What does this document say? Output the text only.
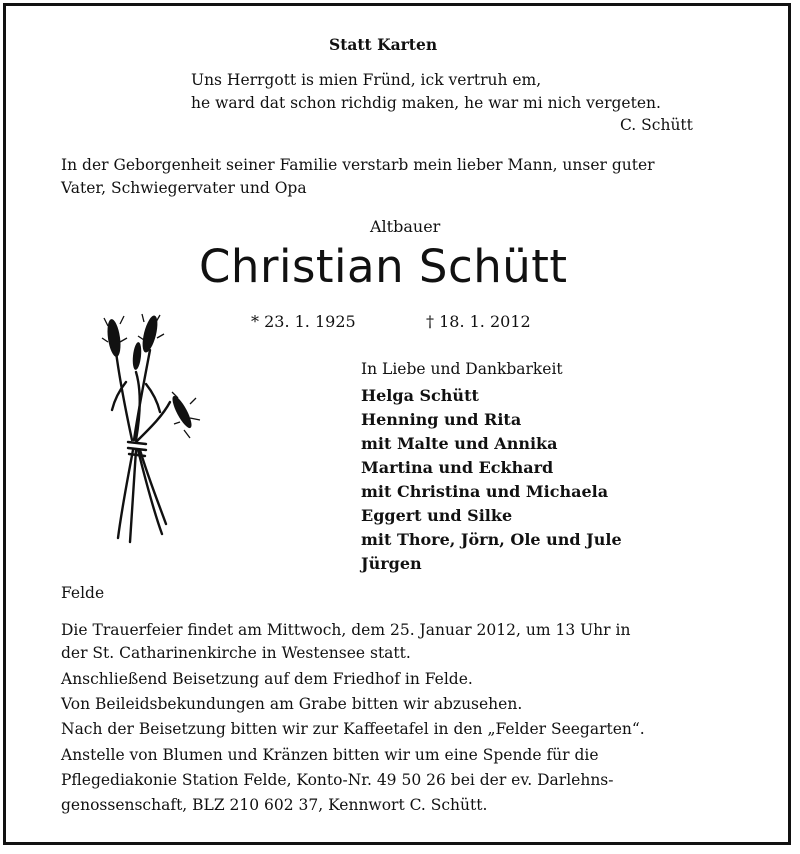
Statt Karten
Uns Herrgott is mien Fründ, ick vertruh em,
he ward dat schon richdig maken, he war mi nich vergeten.
C. Schütt
In der Geborgenheit seiner Familie verstarb mein lieber Mann, unser guter
Vater, Schwiegervater und Opa
Altbauer
Christian Schütt
* 23. 1. 1925	† 18. 1. 2012
In Liebe und Dankbarkeit
Helga Schütt
Henning und Rita
mit Malte und Annika
Martina und Eckhard
mit Christina und Michaela
Eggert und Silke
mit Thore, Jörn, Ole und Jule
Jürgen
Felde
Die Trauerfeier findet am Mittwoch, dem 25. Januar 2012, um 13 Uhr in
der St. Catharinenkirche in Westensee statt.
Anschließend Beisetzung auf dem Friedhof in Felde.
Von Beileidsbekundungen am Grabe bitten wir abzusehen.
Nach der Beisetzung bitten wir zur Kaffeetafel in den „Felder Seegarten“.
Anstelle von Blumen und Kränzen bitten wir um eine Spende für die
Pflegediakonie Station Felde, Konto-Nr. 49 50 26 bei der ev. Darlehns-
genossenschaft, BLZ 210 602 37, Kennwort C. Schütt.
